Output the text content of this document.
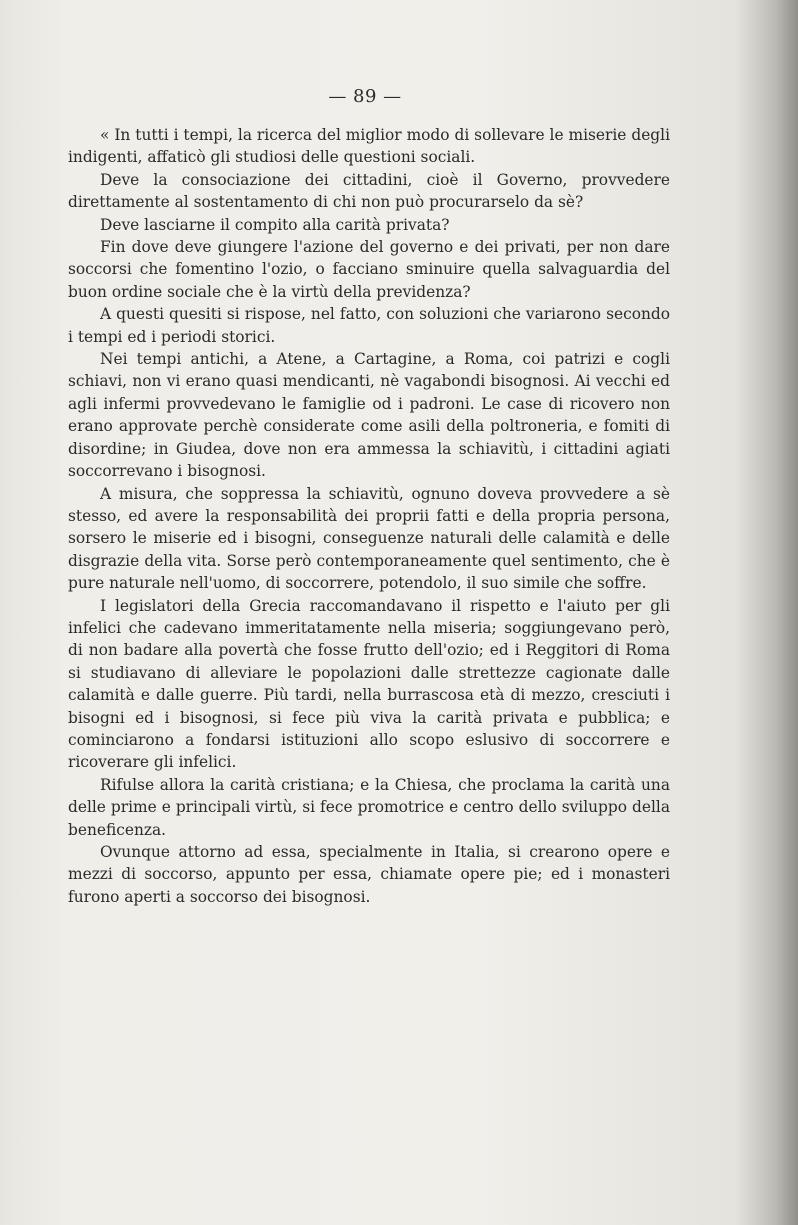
— 89 —

« In tutti i tempi, la ricerca del miglior modo di sollevare le miserie degli indigenti, affaticò gli studiosi delle questioni sociali.

Deve la consociazione dei cittadini, cioè il Governo, provvedere direttamente al sostentamento di chi non può procurarselo da sè?

Deve lasciarne il compito alla carità privata?

Fin dove deve giungere l'azione del governo e dei privati, per non dare soccorsi che fomentino l'ozio, o facciano sminuire quella salvaguardia del buon ordine sociale che è la virtù della previdenza?

A questi quesiti si rispose, nel fatto, con soluzioni che variarono secondo i tempi ed i periodi storici.

Nei tempi antichi, a Atene, a Cartagine, a Roma, coi patrizi e cogli schiavi, non vi erano quasi mendicanti, nè vagabondi bisognosi. Ai vecchi ed agli infermi provvedevano le famiglie od i padroni. Le case di ricovero non erano approvate perchè considerate come asili della poltroneria, e fomiti di disordine; in Giudea, dove non era ammessa la schiavitù, i cittadini agiati soccorrevano i bisognosi.

A misura, che soppressa la schiavitù, ognuno doveva provvedere a sè stesso, ed avere la responsabilità dei proprii fatti e della propria persona, sorsero le miserie ed i bisogni, conseguenze naturali delle calamità e delle disgrazie della vita. Sorse però contemporaneamente quel sentimento, che è pure naturale nell'uomo, di soccorrere, potendolo, il suo simile che soffre.

I legislatori della Grecia raccomandavano il rispetto e l'aiuto per gli infelici che cadevano immeritatamente nella miseria; soggiungevano però, di non badare alla povertà che fosse frutto dell'ozio; ed i Reggitori di Roma si studiavano di alleviare le popolazioni dalle strettezze cagionate dalle calamità e dalle guerre. Più tardi, nella burrascosa età di mezzo, cresciuti i bisogni ed i bisognosi, si fece più viva la carità privata e pubblica; e cominciarono a fondarsi istituzioni allo scopo eslusivo di soccorrere e ricoverare gli infelici.

Rifulse allora la carità cristiana; e la Chiesa, che proclama la carità una delle prime e principali virtù, si fece promotrice e centro dello sviluppo della beneficenza.

Ovunque attorno ad essa, specialmente in Italia, si crearono opere e mezzi di soccorso, appunto per essa, chiamate opere pie; ed i monasteri furono aperti a soccorso dei bisognosi.
